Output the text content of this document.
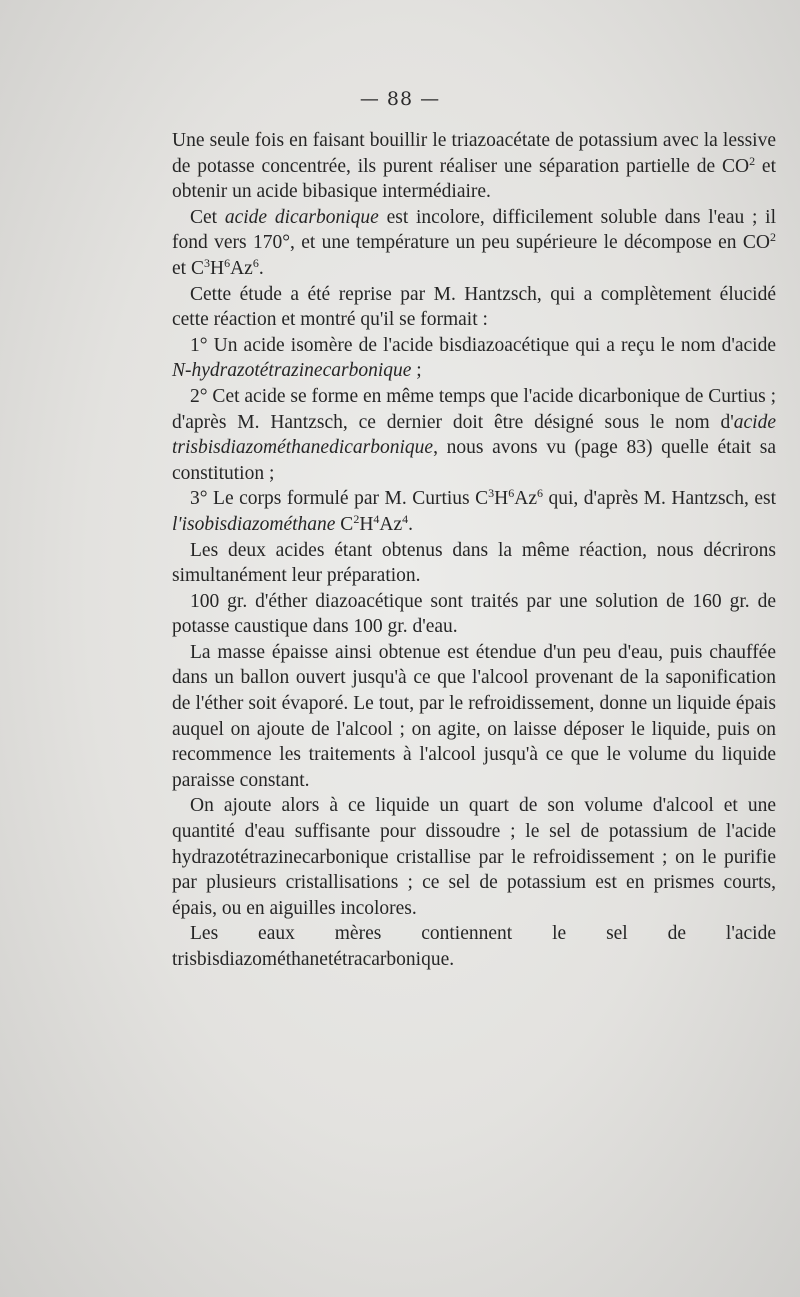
— 88 —

Une seule fois en faisant bouillir le triazoacétate de potassium avec la lessive de potasse concentrée, ils purent réaliser une séparation partielle de $CO^2$ et obtenir un acide bibasique intermédiaire.

Cet acide dicarbonique est incolore, difficilement soluble dans l'eau ; il fond vers 170°, et une température un peu supérieure le décompose en $CO^2$ et $C^3H^6Az^6$.

Cette étude a été reprise par M. Hantzsch, qui a complètement élucidé cette réaction et montré qu'il se formait :

1° Un acide isomère de l'acide bisdiazoacétique qui a reçu le nom d'acide N-hydrazotétrazinecarbonique ;

2° Cet acide se forme en même temps que l'acide dicarbonique de Curtius ; d'après M. Hantzsch, ce dernier doit être désigné sous le nom d'acide trisbisdiazométhanedicarbonique, nous avons vu (page 83) quelle était sa constitution ;

3° Le corps formulé par M. Curtius $C^3H^6Az^6$ qui, d'après M. Hantzsch, est l'isobisdiazométhane $C^2H^4Az^4$.

Les deux acides étant obtenus dans la même réaction, nous décrirons simultanément leur préparation.

100 gr. d'éther diazoacétique sont traités par une solution de 160 gr. de potasse caustique dans 100 gr. d'eau.

La masse épaisse ainsi obtenue est étendue d'un peu d'eau, puis chauffée dans un ballon ouvert jusqu'à ce que l'alcool provenant de la saponification de l'éther soit évaporé. Le tout, par le refroidissement, donne un liquide épais auquel on ajoute de l'alcool ; on agite, on laisse déposer le liquide, puis on recommence les traitements à l'alcool jusqu'à ce que le volume du liquide paraisse constant.

On ajoute alors à ce liquide un quart de son volume d'alcool et une quantité d'eau suffisante pour dissoudre ; le sel de potassium de l'acide hydrazotétrazinecarbonique cristallise par le refroidissement ; on le purifie par plusieurs cristallisations ; ce sel de potassium est en prismes courts, épais, ou en aiguilles incolores.

Les eaux mères contiennent le sel de l'acide trisbisdiazométhanetétracarbonique.
